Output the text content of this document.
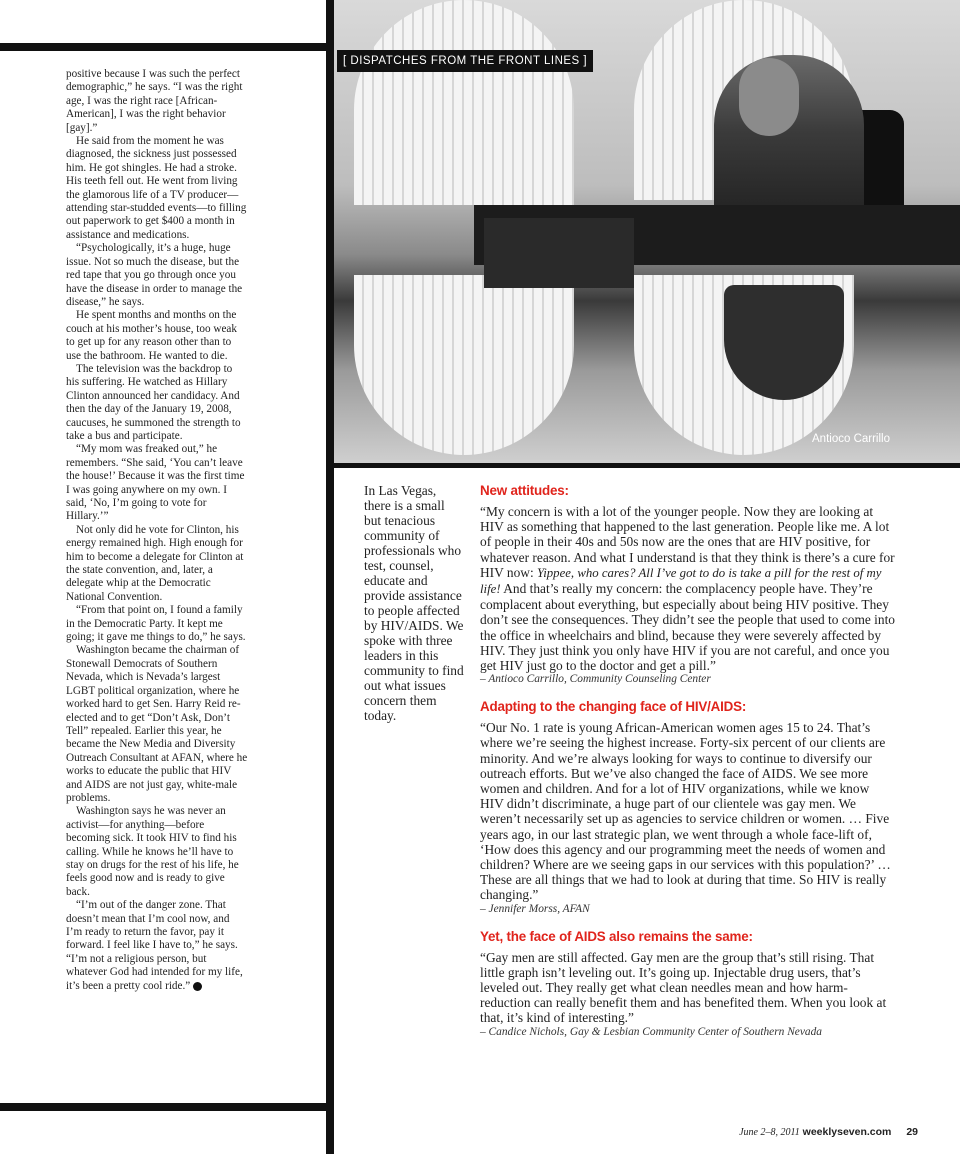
positive because I was such the perfect demographic,” he says. “I was the right age, I was the right race [African-American], I was the right behavior [gay].”

He said from the moment he was diagnosed, the sickness just possessed him. He got shingles. He had a stroke. His teeth fell out. He went from living the glamorous life of a TV producer—attending star-studded events—to filling out paperwork to get $400 a month in assistance and medications.

“Psychologically, it’s a huge, huge issue. Not so much the disease, but the red tape that you go through once you have the disease in order to manage the disease,” he says.

He spent months and months on the couch at his mother’s house, too weak to get up for any reason other than to use the bathroom. He wanted to die.

The television was the backdrop to his suffering. He watched as Hillary Clinton announced her candidacy. And then the day of the January 19, 2008, caucuses, he summoned the strength to take a bus and participate.

“My mom was freaked out,” he remembers. “She said, ‘You can’t leave the house!’ Because it was the first time I was going anywhere on my own. I said, ‘No, I’m going to vote for Hillary.’”

Not only did he vote for Clinton, his energy remained high. High enough for him to become a delegate for Clinton at the state convention, and, later, a delegate whip at the Democratic National Convention.

“From that point on, I found a family in the Democratic Party. It kept me going; it gave me things to do,” he says.

Washington became the chairman of Stonewall Democrats of Southern Nevada, which is Nevada’s largest LGBT political organization, where he worked hard to get Sen. Harry Reid re-elected and to get “Don’t Ask, Don’t Tell” repealed. Earlier this year, he became the New Media and Diversity Outreach Consultant at AFAN, where he works to educate the public that HIV and AIDS are not just gay, white-male problems.

Washington says he was never an activist—for anything—before becoming sick. It took HIV to find his calling. While he knows he’ll have to stay on drugs for the rest of his life, he feels good now and is ready to give back.

“I’m out of the danger zone. That doesn’t mean that I’m cool now, and I’m ready to return the favor, pay it forward. I feel like I have to,” he says. “I’m not a religious person, but whatever God had intended for my life, it’s been a pretty cool ride.” 7

[ DISPATCHES FROM THE FRONT LINES ]
Antioco Carrillo
In Las Vegas, there is a small but tenacious community of professionals who test, counsel, educate and provide assistance to people affected by HIV/AIDS. We spoke with three leaders in this community to find out what issues concern them today.

New attitudes:

“My concern is with a lot of the younger people. Now they are looking at HIV as something that happened to the last generation. People like me. A lot of people in their 40s and 50s now are the ones that are HIV positive, for whatever reason. And what I understand is that they think is there’s a cure for HIV now: Yippee, who cares? All I’ve got to do is take a pill for the rest of my life! And that’s really my concern: the complacency people have. They’re complacent about everything, but especially about being HIV positive. They don’t see the consequences. They didn’t see the people that used to come into the office in wheelchairs and blind, because they were severely affected by HIV. They just think you only have HIV if you are not careful, and once you get HIV just go to the doctor and get a pill.”

– Antioco Carrillo, Community Counseling Center

Adapting to the changing face of HIV/AIDS:

“Our No. 1 rate is young African-American women ages 15 to 24. That’s where we’re seeing the highest increase. Forty-six percent of our clients are minority. And we’re always looking for ways to continue to diversify our outreach efforts. But we’ve also changed the face of AIDS. We see more women and children. And for a lot of HIV organizations, while we know HIV didn’t discriminate, a huge part of our clientele was gay men. We weren’t necessarily set up as agencies to service children or women. … Five years ago, in our last strategic plan, we went through a whole face-lift of, ‘How does this agency and our programming meet the needs of women and children? Where are we seeing gaps in our services with this population?’ … These are all things that we had to look at during that time. So HIV is really changing.”

– Jennifer Morss, AFAN

Yet, the face of AIDS also remains the same:

“Gay men are still affected. Gay men are the group that’s still rising. That little graph isn’t leveling out. It’s going up. Injectable drug users, that’s leveled out. They really get what clean needles mean and how harm-reduction can really benefit them and has benefited them. When you look at that, it’s kind of interesting.”

– Candice Nichols, Gay & Lesbian Community Center of Southern Nevada

June 2–8, 2011 weeklyseven.com 29
